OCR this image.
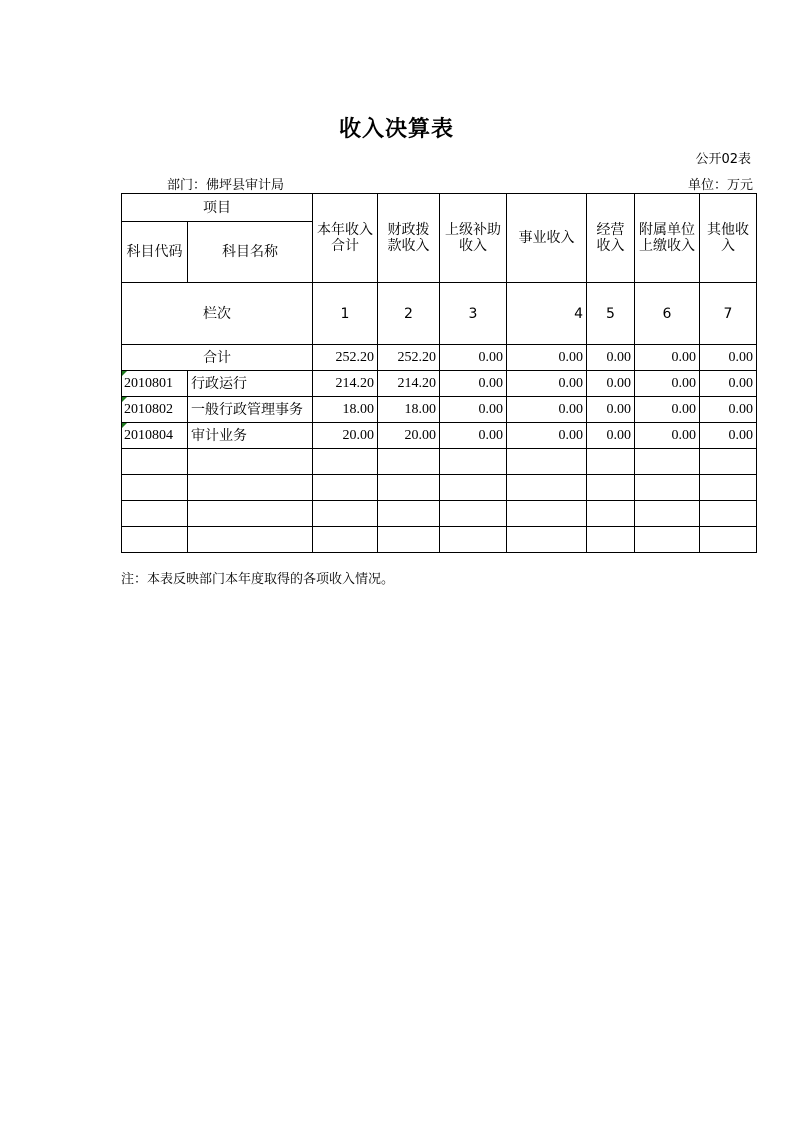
收入决算表
公开02表
部门：佛坪县审计局	单位：万元
项目		本年收入合计	财政拨款收入	上级补助收入	事业收入	经营收入	附属单位上缴收入	其他收入
科目代码	科目名称							
栏次		1	2	3	4	5	6	7
合计		252.20	252.20	0.00	0.00	0.00	0.00	0.00

2010801	行政运行	214.20	214.20	0.00	0.00	0.00	0.00	0.00

2010802	一般行政管理事务	18.00	18.00	0.00	0.00	0.00	0.00	0.00

2010804	审计业务	20.00	20.00	0.00	0.00	0.00	0.00	0.00

注：本表反映部门本年度取得的各项收入情况。
